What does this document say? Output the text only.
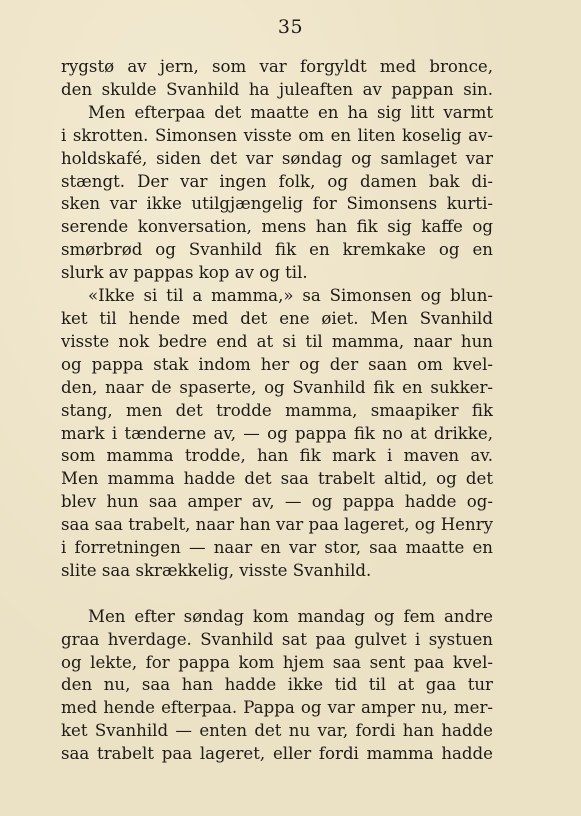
35
rygstø av jern, som var forgyldt med bronce,
den skulde Svanhild ha juleaften av pappan sin.
Men efterpaa det maatte en ha sig litt varmt
i skrotten. Simonsen visste om en liten koselig av-
holdskafé, siden det var søndag og samlaget var
stængt. Der var ingen folk, og damen bak di-
sken var ikke utilgjængelig for Simonsens kurti-
serende konversation, mens han fik sig kaffe og
smørbrød og Svanhild fik en kremkake og en
slurk av pappas kop av og til.
«Ikke si til a mamma,» sa Simonsen og blun-
ket til hende med det ene øiet. Men Svanhild
visste nok bedre end at si til mamma, naar hun
og pappa stak indom her og der saan om kvel-
den, naar de spaserte, og Svanhild fik en sukker-
stang, men det trodde mamma, smaapiker fik
mark i tænderne av, — og pappa fik no at drikke,
som mamma trodde, han fik mark i maven av.
Men mamma hadde det saa trabelt altid, og det
blev hun saa amper av, — og pappa hadde og-
saa saa trabelt, naar han var paa lageret, og Henry
i forretningen — naar en var stor, saa maatte en
slite saa skrækkelig, visste Svanhild.
Men efter søndag kom mandag og fem andre
graa hverdage. Svanhild sat paa gulvet i systuen
og lekte, for pappa kom hjem saa sent paa kvel-
den nu, saa han hadde ikke tid til at gaa tur
med hende efterpaa. Pappa og var amper nu, mer-
ket Svanhild — enten det nu var, fordi han hadde
saa trabelt paa lageret, eller fordi mamma hadde
